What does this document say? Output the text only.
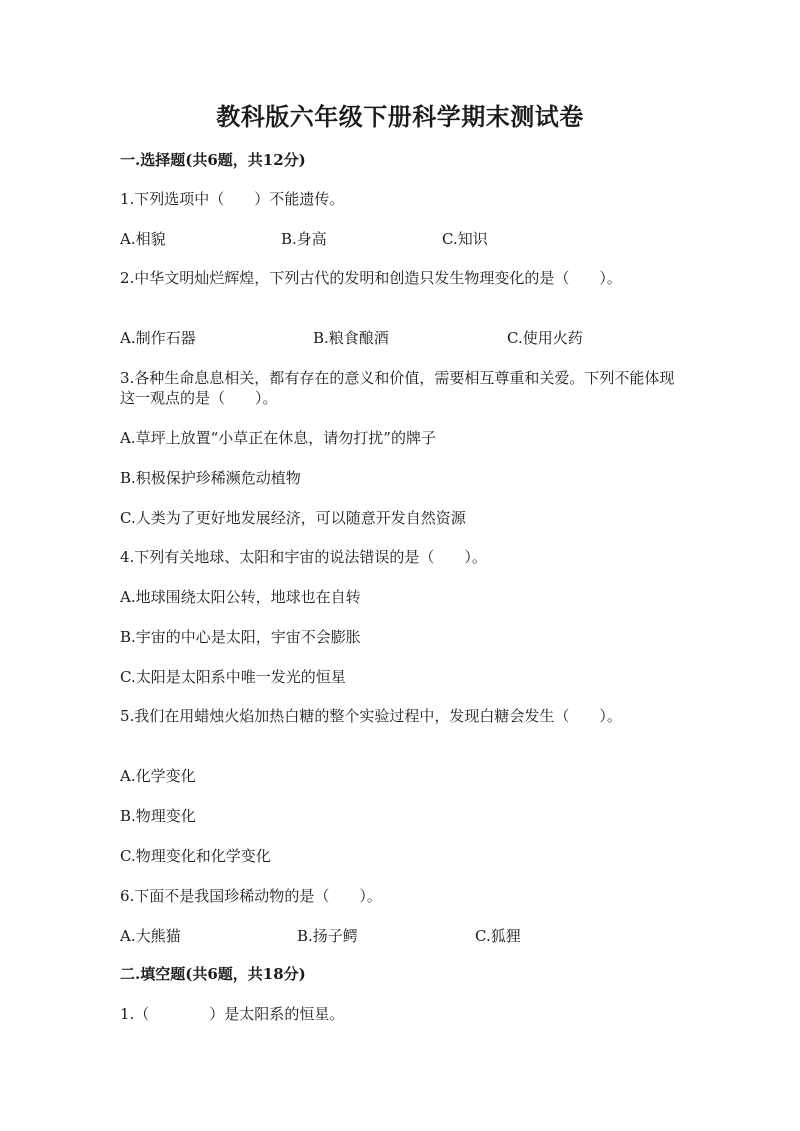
教科版六年级下册科学期末测试卷
一.选择题(共6题，共12分)
1.下列选项中（　　）不能遗传。
A.相貌	B.身高	C.知识
2.中华文明灿烂辉煌，下列古代的发明和创造只发生物理变化的是（　　）。
A.制作石器	B.粮食酿酒	C.使用火药
3.各种生命息息相关，都有存在的意义和价值，需要相互尊重和关爱。下列不能体现这一观点的是（　　）。
A.草坪上放置“小草正在休息，请勿打扰”的牌子
B.积极保护珍稀濒危动植物
C.人类为了更好地发展经济，可以随意开发自然资源
4.下列有关地球、太阳和宇宙的说法错误的是（　　）。
A.地球围绕太阳公转，地球也在自转
B.宇宙的中心是太阳，宇宙不会膨胀
C.太阳是太阳系中唯一发光的恒星
5.我们在用蜡烛火焰加热白糖的整个实验过程中，发现白糖会发生（　　）。
A.化学变化
B.物理变化
C.物理变化和化学变化
6.下面不是我国珍稀动物的是（　　）。
A.大熊猫	B.扬子鳄	C.狐狸
二.填空题(共6题，共18分)
1.（　　　　）是太阳系的恒星。
